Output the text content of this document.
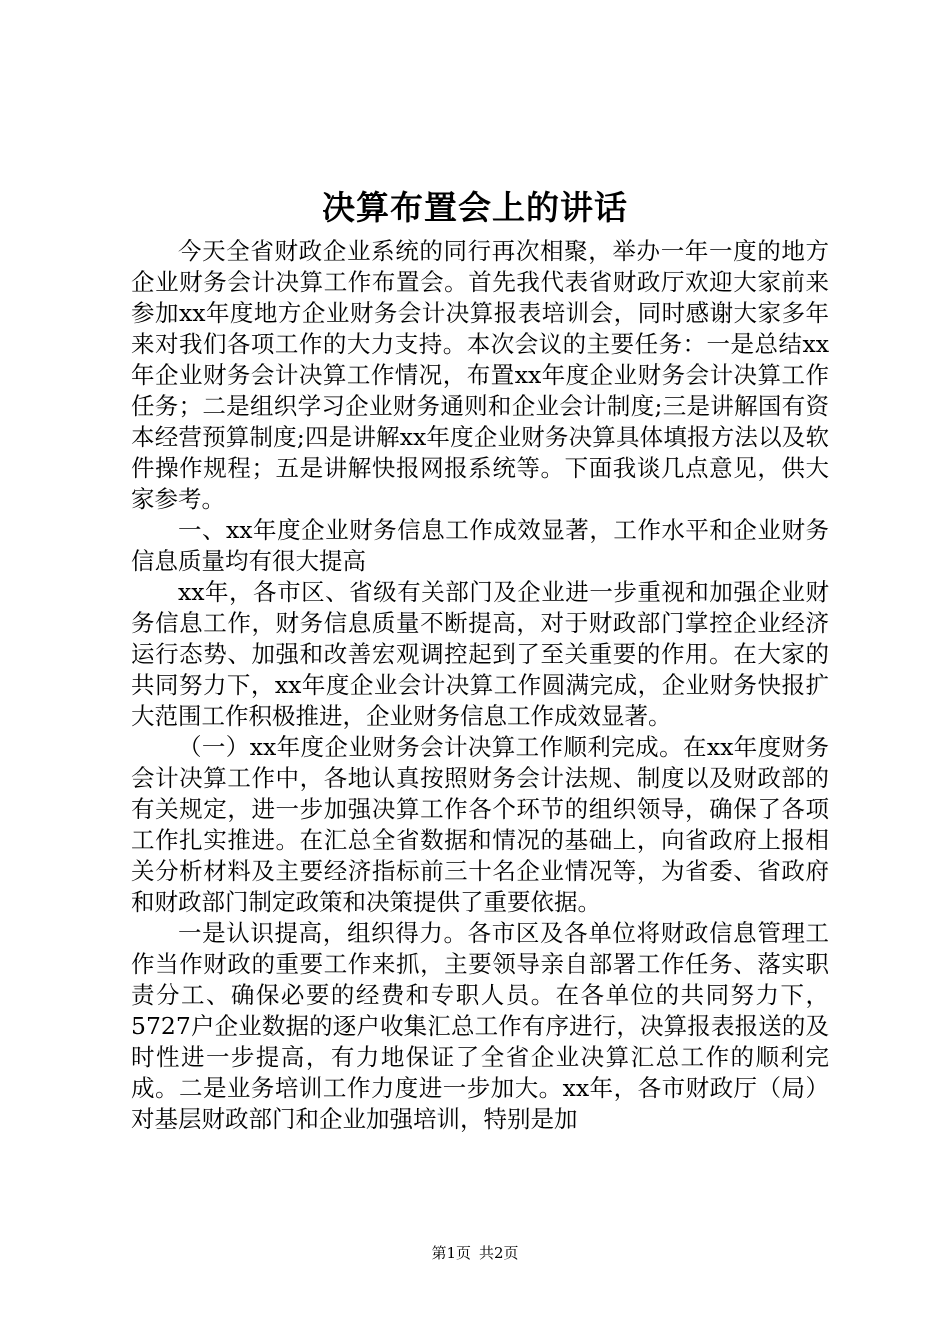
决算布置会上的讲话

今天全省财政企业系统的同行再次相聚，举办一年一度的地方企业财务会计决算工作布置会。首先我代表省财政厅欢迎大家前来参加xx年度地方企业财务会计决算报表培训会，同时感谢大家多年来对我们各项工作的大力支持。本次会议的主要任务：一是总结xx年企业财务会计决算工作情况，布置xx年度企业财务会计决算工作任务；二是组织学习企业财务通则和企业会计制度;三是讲解国有资本经营预算制度;四是讲解xx年度企业财务决算具体填报方法以及软件操作规程；五是讲解快报网报系统等。下面我谈几点意见，供大家参考。

一、xx年度企业财务信息工作成效显著，工作水平和企业财务信息质量均有很大提高

xx年，各市区、省级有关部门及企业进一步重视和加强企业财务信息工作，财务信息质量不断提高，对于财政部门掌控企业经济运行态势、加强和改善宏观调控起到了至关重要的作用。在大家的共同努力下，xx年度企业会计决算工作圆满完成，企业财务快报扩大范围工作积极推进，企业财务信息工作成效显著。

（一）xx年度企业财务会计决算工作顺利完成。在xx年度财务会计决算工作中，各地认真按照财务会计法规、制度以及财政部的有关规定，进一步加强决算工作各个环节的组织领导，确保了各项工作扎实推进。在汇总全省数据和情况的基础上，向省政府上报相关分析材料及主要经济指标前三十名企业情况等，为省委、省政府和财政部门制定政策和决策提供了重要依据。

一是认识提高，组织得力。各市区及各单位将财政信息管理工作当作财政的重要工作来抓，主要领导亲自部署工作任务、落实职责分工、确保必要的经费和专职人员。在各单位的共同努力下，5727户企业数据的逐户收集汇总工作有序进行，决算报表报送的及时性进一步提高，有力地保证了全省企业决算汇总工作的顺利完成。二是业务培训工作力度进一步加大。xx年，各市财政厅（局）对基层财政部门和企业加强培训，特别是加

第1页 共2页
